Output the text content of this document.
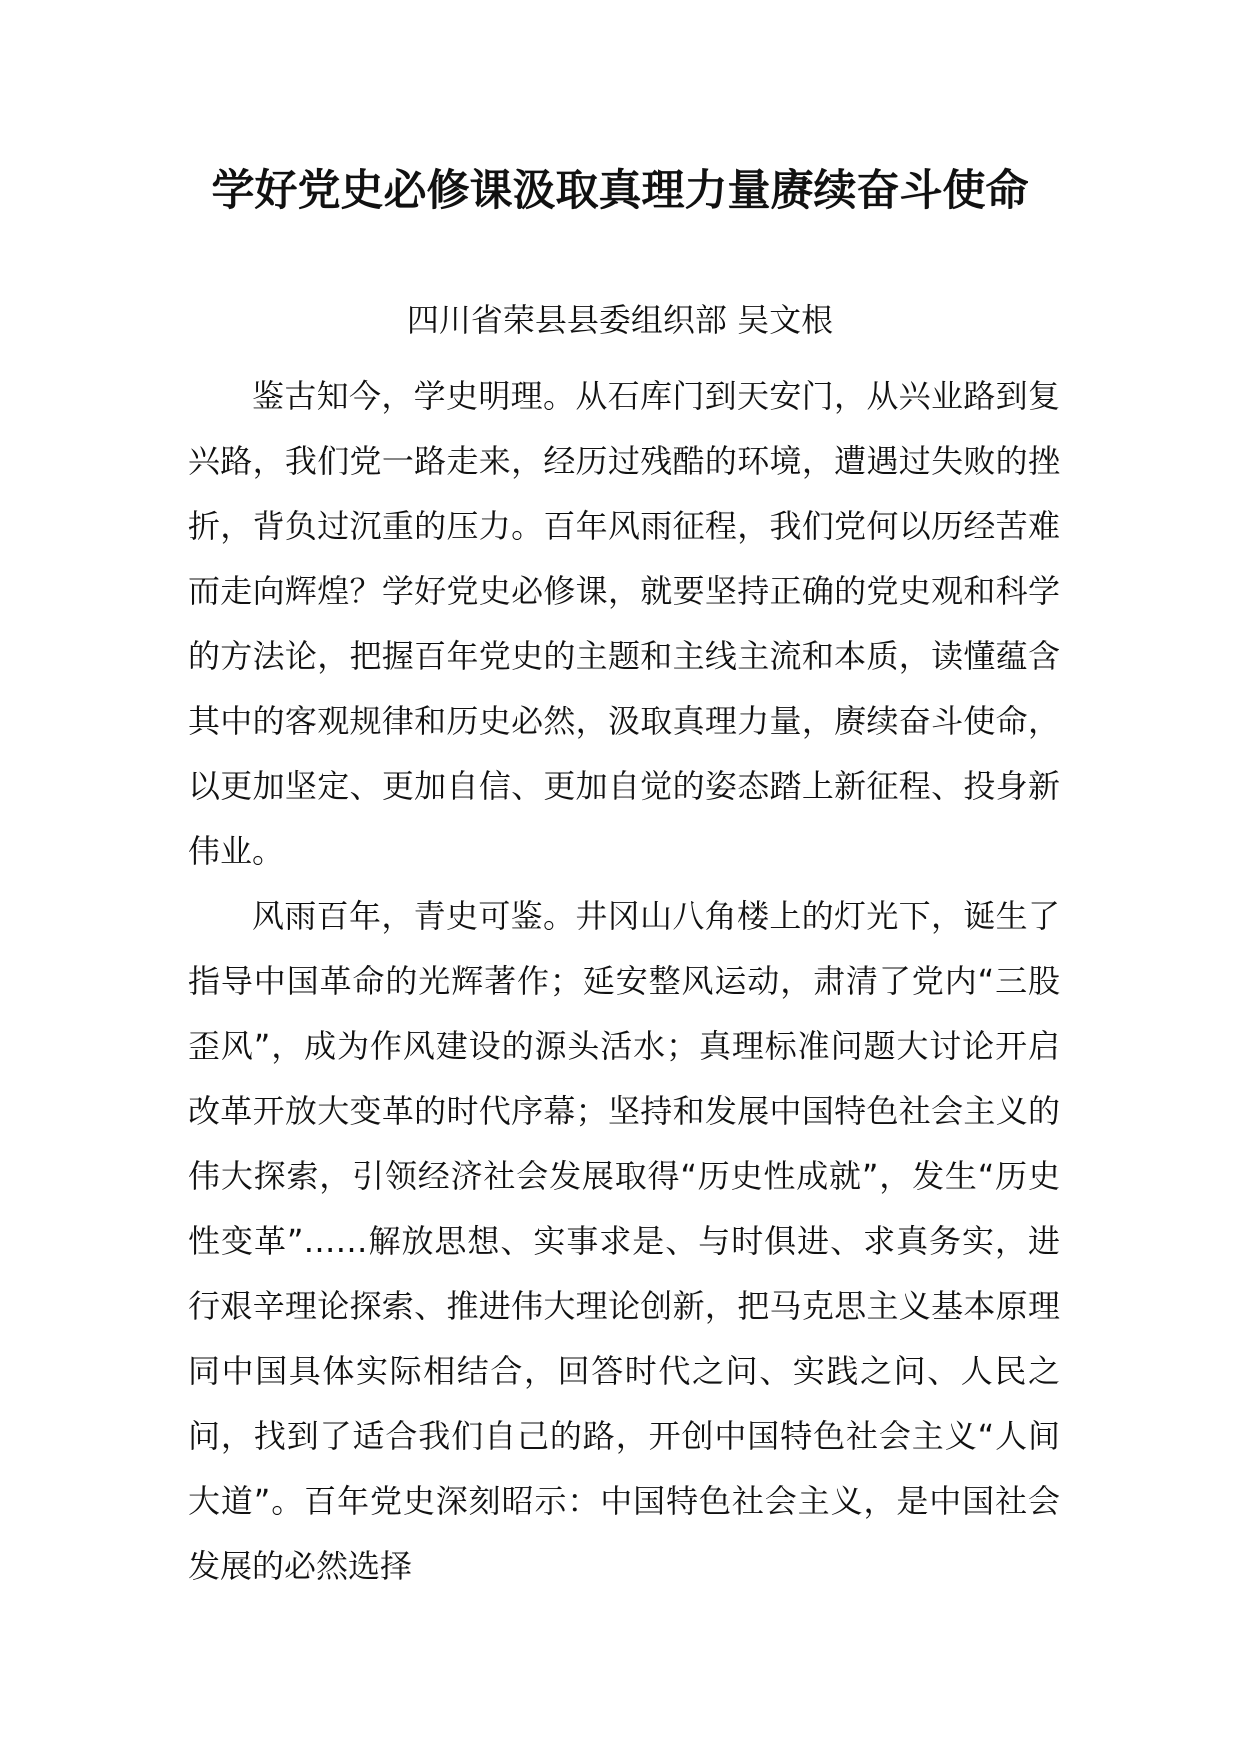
学好党史必修课汲取真理力量赓续奋斗使命

四川省荣县县委组织部 吴文根

鉴古知今，学史明理。从石库门到天安门，从兴业路到复兴路，我们党一路走来，经历过残酷的环境，遭遇过失败的挫折，背负过沉重的压力。百年风雨征程，我们党何以历经苦难而走向辉煌？学好党史必修课，就要坚持正确的党史观和科学的方法论，把握百年党史的主题和主线主流和本质，读懂蕴含其中的客观规律和历史必然，汲取真理力量，赓续奋斗使命，以更加坚定、更加自信、更加自觉的姿态踏上新征程、投身新伟业。

风雨百年，青史可鉴。井冈山八角楼上的灯光下，诞生了指导中国革命的光辉著作；延安整风运动，肃清了党内“三股歪风”，成为作风建设的源头活水；真理标准问题大讨论开启改革开放大变革的时代序幕；坚持和发展中国特色社会主义的伟大探索，引领经济社会发展取得“历史性成就”，发生“历史性变革”……解放思想、实事求是、与时俱进、求真务实，进行艰辛理论探索、推进伟大理论创新，把马克思主义基本原理同中国具体实际相结合，回答时代之问、实践之问、人民之问，找到了适合我们自己的路，开创中国特色社会主义“人间大道”。百年党史深刻昭示：中国特色社会主义，是中国社会发展的必然选择
